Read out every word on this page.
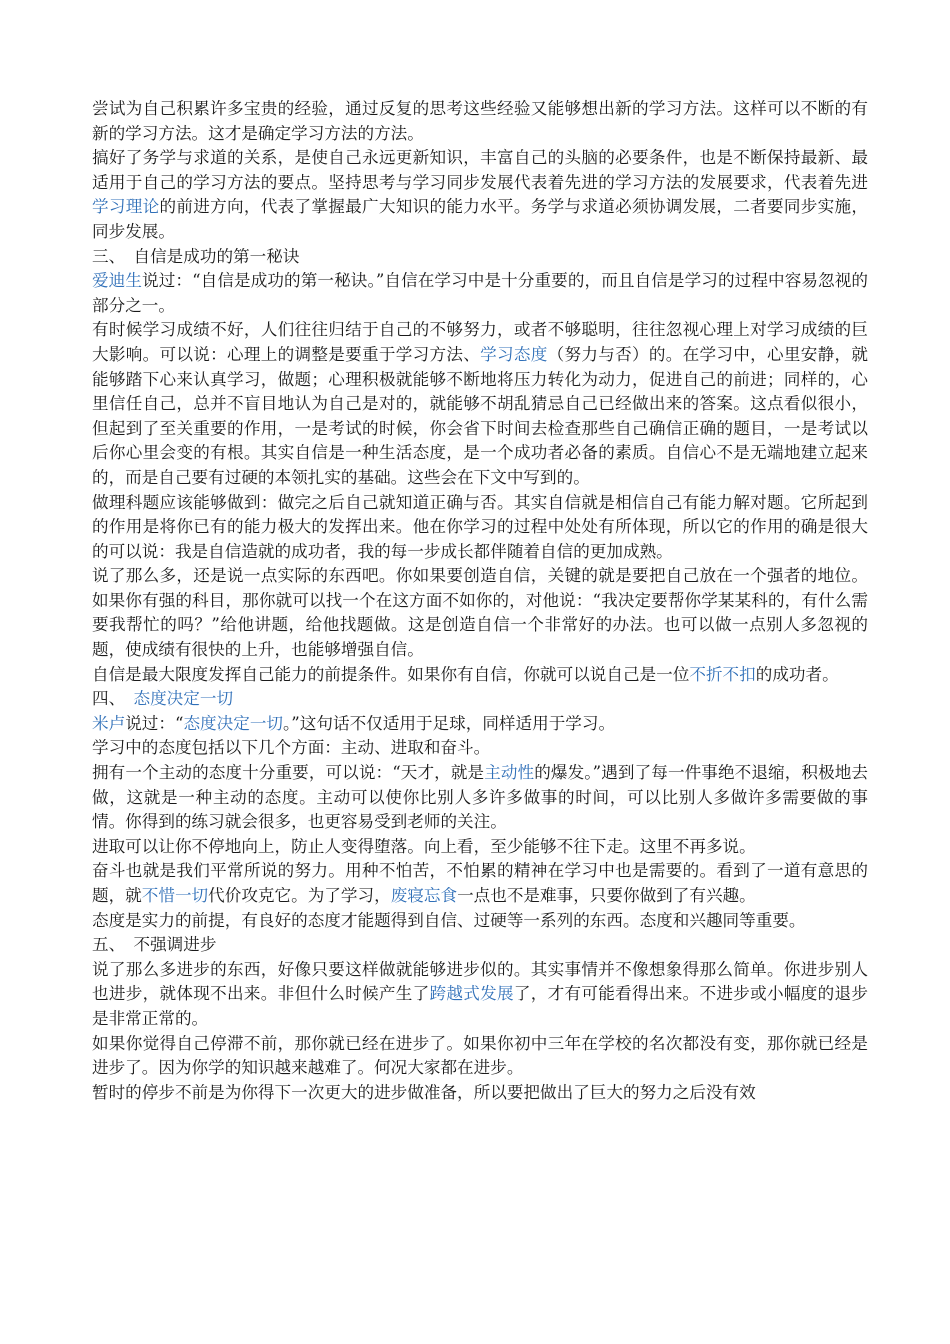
尝试为自己积累许多宝贵的经验，通过反复的思考这些经验又能够想出新的学习方法。这样可以不断的有新的学习方法。这才是确定学习方法的方法。

搞好了务学与求道的关系，是使自己永远更新知识，丰富自己的头脑的必要条件，也是不断保持最新、最适用于自己的学习方法的要点。坚持思考与学习同步发展代表着先进的学习方法的发展要求，代表着先进学习理论的前进方向，代表了掌握最广大知识的能力水平。务学与求道必须协调发展，二者要同步实施，同步发展。

三、　自信是成功的第一秘诀

爱迪生说过：“自信是成功的第一秘诀。”自信在学习中是十分重要的，而且自信是学习的过程中容易忽视的部分之一。

有时候学习成绩不好，人们往往归结于自己的不够努力，或者不够聪明，往往忽视心理上对学习成绩的巨大影响。可以说：心理上的调整是要重于学习方法、学习态度（努力与否）的。在学习中，心里安静，就能够踏下心来认真学习，做题；心理积极就能够不断地将压力转化为动力，促进自己的前进；同样的，心里信任自己，总并不盲目地认为自己是对的，就能够不胡乱猜忌自己已经做出来的答案。这点看似很小，但起到了至关重要的作用，一是考试的时候，你会省下时间去检查那些自己确信正确的题目，一是考试以后你心里会变的有根。其实自信是一种生活态度，是一个成功者必备的素质。自信心不是无端地建立起来的，而是自己要有过硬的本领扎实的基础。这些会在下文中写到的。

做理科题应该能够做到：做完之后自己就知道正确与否。其实自信就是相信自己有能力解对题。它所起到的作用是将你已有的能力极大的发挥出来。他在你学习的过程中处处有所体现，所以它的作用的确是很大的可以说：我是自信造就的成功者，我的每一步成长都伴随着自信的更加成熟。

说了那么多，还是说一点实际的东西吧。你如果要创造自信，关键的就是要把自己放在一个强者的地位。如果你有强的科目，那你就可以找一个在这方面不如你的，对他说：“我决定要帮你学某某科的，有什么需要我帮忙的吗？”给他讲题，给他找题做。这是创造自信一个非常好的办法。也可以做一点别人多忽视的题，使成绩有很快的上升，也能够增强自信。

自信是最大限度发挥自己能力的前提条件。如果你有自信，你就可以说自己是一位不折不扣的成功者。

四、　态度决定一切

米卢说过：“态度决定一切。”这句话不仅适用于足球，同样适用于学习。

学习中的态度包括以下几个方面：主动、进取和奋斗。

拥有一个主动的态度十分重要，可以说：“天才，就是主动性的爆发。”遇到了每一件事绝不退缩，积极地去做，这就是一种主动的态度。主动可以使你比别人多许多做事的时间，可以比别人多做许多需要做的事情。你得到的练习就会很多，也更容易受到老师的关注。

进取可以让你不停地向上，防止人变得堕落。向上看，至少能够不往下走。这里不再多说。

奋斗也就是我们平常所说的努力。用种不怕苦，不怕累的精神在学习中也是需要的。看到了一道有意思的题，就不惜一切代价攻克它。为了学习，废寝忘食一点也不是难事，只要你做到了有兴趣。

态度是实力的前提，有良好的态度才能题得到自信、过硬等一系列的东西。态度和兴趣同等重要。

五、　不强调进步

说了那么多进步的东西，好像只要这样做就能够进步似的。其实事情并不像想象得那么简单。你进步别人也进步，就体现不出来。非但什么时候产生了跨越式发展了，才有可能看得出来。不进步或小幅度的退步是非常正常的。

如果你觉得自己停滞不前，那你就已经在进步了。如果你初中三年在学校的名次都没有变，那你就已经是进步了。因为你学的知识越来越难了。何况大家都在进步。

暂时的停步不前是为你得下一次更大的进步做准备，所以要把做出了巨大的努力之后没有效
